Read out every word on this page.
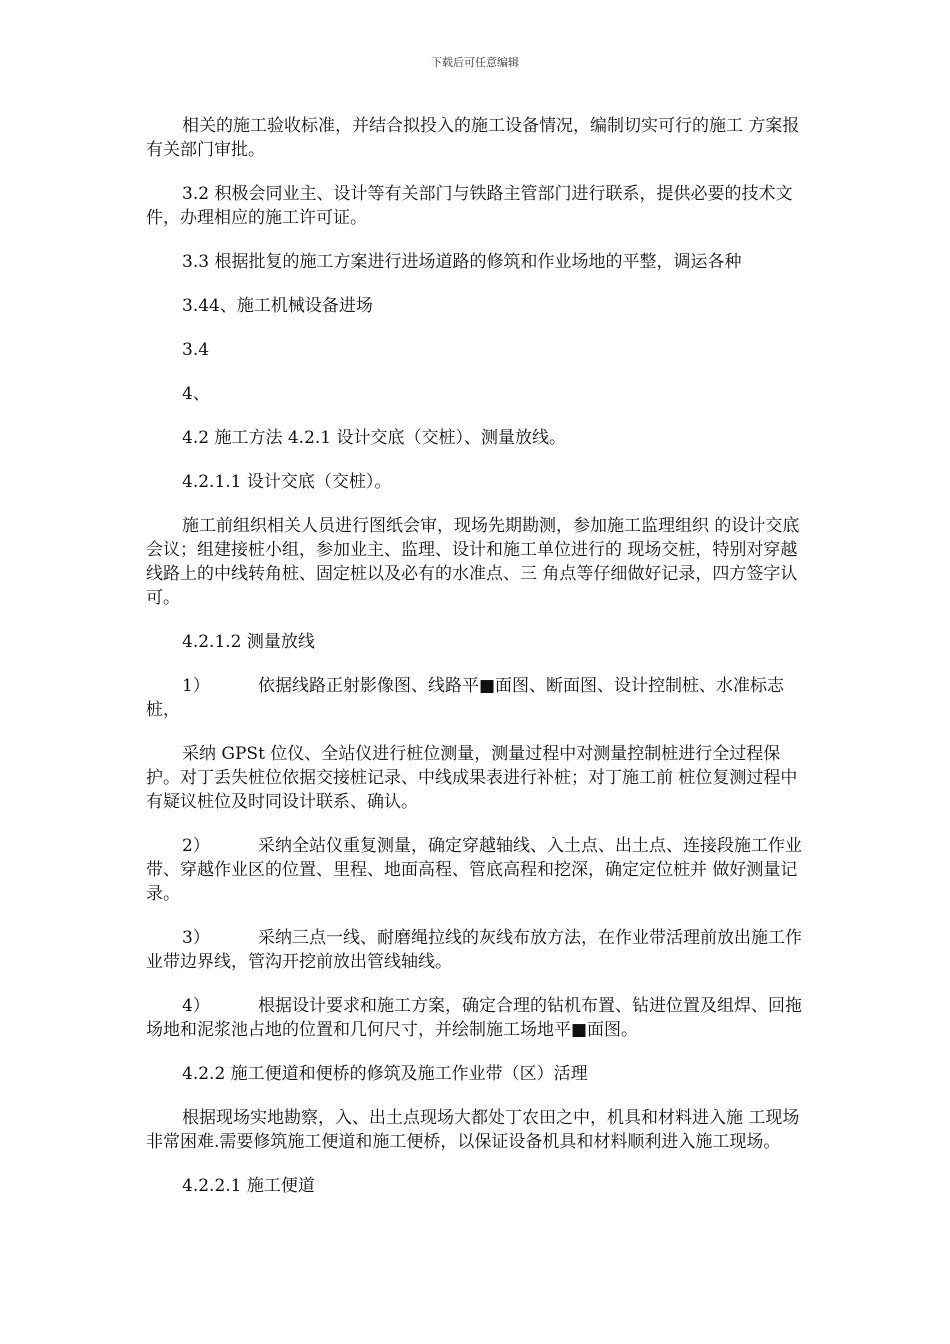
下载后可任意编辑

相关的施工验收标准，并结合拟投入的施工设备情况，编制切实可行的施工 方案报有关部门审批。

3.2 积极会同业主、设计等有关部门与铁路主管部门进行联系，提供必要的技术文件，办理相应的施工许可证。

3.3 根据批复的施工方案进行进场道路的修筑和作业场地的平整，调运各种

3.44、施工机械设备进场

3.4

4、

4.2 施工方法 4.2.1 设计交底（交桩）、测量放线。

4.2.1.1 设计交底（交桩）。

施工前组织相关人员进行图纸会审，现场先期勘测，参加施工监理组织 的设计交底会议；组建接桩小组，参加业主、监理、设计和施工单位进行的 现场交桩，特别对穿越线路上的中线转角桩、固定桩以及必有的水准点、三 角点等仔细做好记录，四方签字认可。

4.2.1.2 测量放线

1）	依据线路正射影像图、线路平■面图、断面图、设计控制桩、水准标志桩，

采纳 GPSt 位仪、全站仪进行桩位测量，测量过程中对测量控制桩进行全过程保护。对丁丢失桩位依据交接桩记录、中线成果表进行补桩；对丁施工前 桩位复测过程中有疑议桩位及时同设计联系、确认。

2）	采纳全站仪重复测量，确定穿越轴线、入土点、出土点、连接段施工作业 带、穿越作业区的位置、里程、地面高程、管底高程和挖深，确定定位桩并 做好测量记录。

3）	采纳三点一线、耐磨绳拉线的灰线布放方法，在作业带活理前放出施工作 业带边界线，管沟开挖前放出管线轴线。

4）	根据设计要求和施工方案，确定合理的钻机布置、钻进位置及组焊、回拖 场地和泥浆池占地的位置和几何尺寸，并绘制施工场地平■面图。

4.2.2 施工便道和便桥的修筑及施工作业带（区）活理

根据现场实地勘察，入、出土点现场大都处丁农田之中，机具和材料进入施 工现场非常困难.需要修筑施工便道和施工便桥，以保证设备机具和材料顺利进入施工现场。

4.2.2.1 施工便道
